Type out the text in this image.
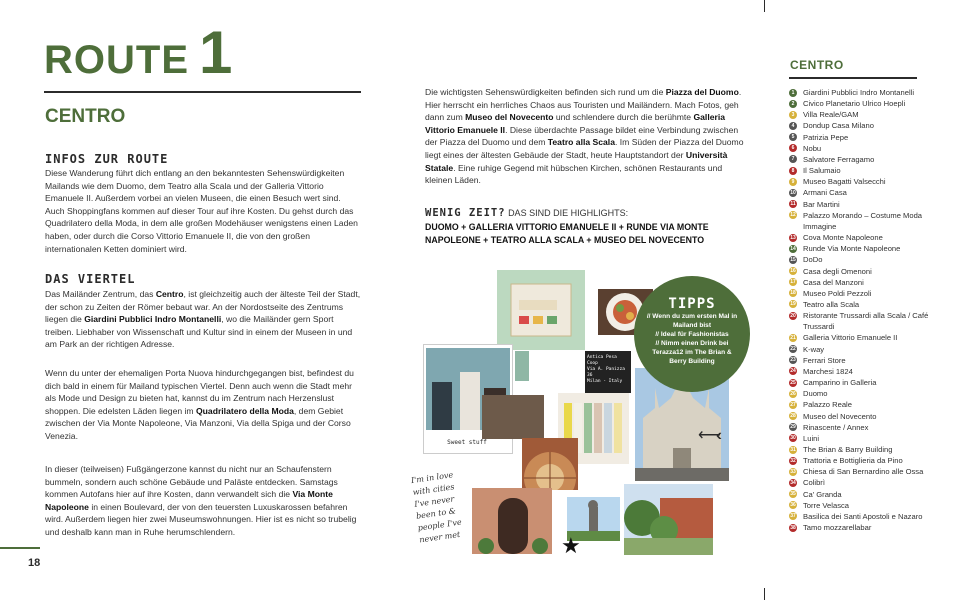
ROUTE 1
CENTRO
INFOS ZUR ROUTE
Diese Wanderung führt dich entlang an den bekanntesten Sehenswürdigkeiten Mailands wie dem Duomo, dem Teatro alla Scala und der Galleria Vittorio Emanuele II. Außerdem vorbei an vielen Museen, die einen Besuch wert sind. Auch Shoppingfans kommen auf dieser Tour auf ihre Kosten. Du gehst durch das Quadrilatero della Moda, in dem alle großen Modehäuser wenigstens einen Laden haben, oder durch die Corso Vittorio Emanuele II, die von den großen internationalen Ketten dominiert wird.
DAS VIERTEL
Das Mailänder Zentrum, das Centro, ist gleichzeitig auch der älteste Teil der Stadt, der schon zu Zeiten der Römer bebaut war. An der Nordostseite des Zentrums liegen die Giardini Pubblici Indro Montanelli, wo die Mailänder gern Sport treiben. Liebhaber von Wissenschaft und Kultur sind in einem der Museen in und am Park an der richtigen Adresse.
Wenn du unter der ehemaligen Porta Nuova hindurchgegangen bist, befindest du dich bald in einem für Mailand typischen Viertel. Denn auch wenn die Stadt mehr als Mode und Design zu bieten hat, kannst du im Zentrum nach Herzenslust shoppen. Die edelsten Läden liegen im Quadrilatero della Moda, dem Gebiet zwischen der Via Monte Napoleone, Via Manzoni, Via della Spiga und der Corso Venezia.
In dieser (teilweisen) Fußgängerzone kannst du nicht nur an Schaufenstern bummeln, sondern auch schöne Gebäude und Paläste entdecken. Samstags kommen Autofans hier auf ihre Kosten, dann verwandelt sich die Via Monte Napoleone in einen Boulevard, der von den teuersten Luxuskarossen befahren wird. Außerdem liegen hier zwei Museumswohnungen. Hier ist es nicht so trubelig und deshalb kann man in Ruhe herumschlendern.
18
Die wichtigsten Sehenswürdigkeiten befinden sich rund um die Piazza del Duomo. Hier herrscht ein herrliches Chaos aus Touristen und Mailändern. Mach Fotos, geh dann zum Museo del Novecento und schlendere durch die berühmte Galleria Vittorio Emanuele II. Diese überdachte Passage bildet eine Verbindung zwischen der Piazza del Duomo und dem Teatro alla Scala. Im Süden der Piazza del Duomo liegt eines der ältesten Gebäude der Stadt, heute Hauptstandort der Università Statale. Eine ruhige Gegend mit hübschen Kirchen, schönen Restaurants und kleinen Läden.
WENIG ZEIT? DAS SIND DIE HIGHLIGHTS:
DUOMO + GALLERIA VITTORIO EMANUELE II + RUNDE VIA MONTE NAPOLEONE + TEATRO ALLA SCALA + MUSEO DEL NOVECENTO
Sweet stuff
Antica Pesa Coop
Via A. Panizza 36
Milan - Italy
★
⟵‹‹‹
I'm in love
with cities
I've never
been to &
people I've
never met
TIPPS
// Wenn du zum ersten Mal in Mailand bist
// Ideal für Fashionistas
// Nimm einen Drink bei Terazza12 im The Brian & Berry Building
CENTRO
1	Giardini Pubblici Indro Montanelli
2	Civico Planetario Ulrico Hoepli
3	Villa Reale/GAM
4	Dondup Casa Milano
5	Patrizia Pepe
6	Nobu
7	Salvatore Ferragamo
8	Il Salumaio
9	Museo Bagatti Valsecchi
10 Armani Casa
11 Bar Martini
12 Palazzo Morando – Costume Moda Immagine
13 Cova Monte Napoleone
14 Runde Via Monte Napoleone
15 DoDo
16 Casa degli Omenoni
17 Casa del Manzoni
18 Museo Poldi Pezzoli
19 Teatro alla Scala
20 Ristorante Trussardi alla Scala / Café Trussardi
21 Galleria Vittorio Emanuele II
22 K-way
23 Ferrari Store
24 Marchesi 1824
25 Camparino in Galleria
26 Duomo
27 Palazzo Reale
28 Museo del Novecento
29 Rinascente / Annex
30 Luini
31 The Brian & Barry Building
32 Trattoria e Bottiglieria da Pino
33 Chiesa di San Bernardino alle Ossa
34 Colibrì
35 Ca' Granda
36 Torre Velasca
37 Basilica dei Santi Apostoli e Nazaro
38 Tamo mozzarellabar
